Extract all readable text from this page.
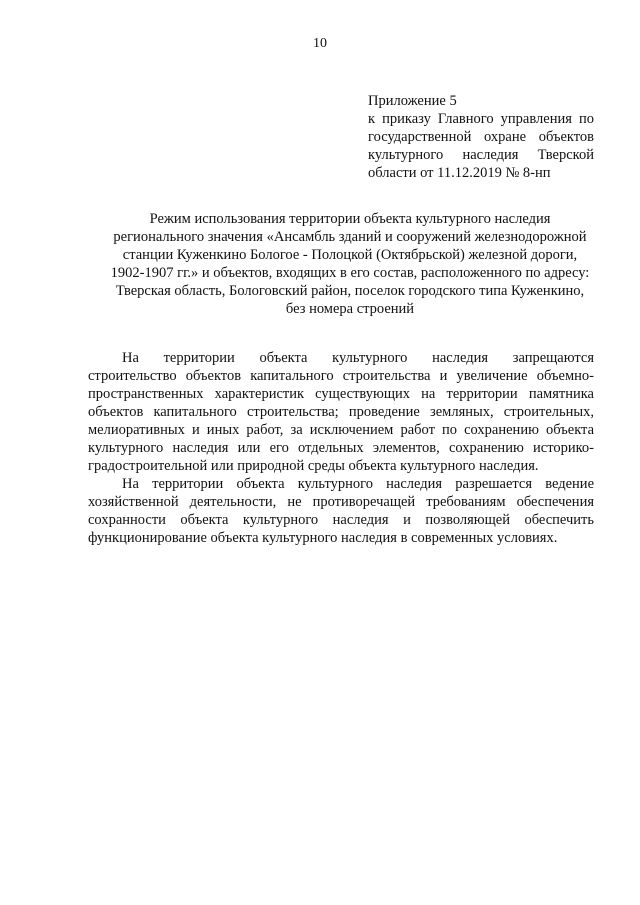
10
Приложение 5
к приказу Главного управления по
государственной охране объектов
культурного наследия Тверской
области от 11.12.2019 № 8-нп
Режим использования территории объекта культурного наследия
регионального значения «Ансамбль зданий и сооружений железнодорожной
станции Куженкино Бологое - Полоцкой (Октябрьской) железной дороги,
1902-1907 гг.» и объектов, входящих в его состав, расположенного по адресу:
Тверская область, Бологовский район, поселок городского типа Куженкино,
без номера строений
На территории объекта культурного наследия запрещаются
строительство объектов капитального строительства и увеличение объемно-
пространственных характеристик существующих на территории памятника
объектов капитального строительства; проведение земляных, строительных,
мелиоративных и иных работ, за исключением работ по сохранению объекта
культурного наследия или его отдельных элементов, сохранению историко-
градостроительной или природной среды объекта культурного наследия.
На территории объекта культурного наследия разрешается ведение
хозяйственной деятельности, не противоречащей требованиям обеспечения
сохранности объекта культурного наследия и позволяющей обеспечить
функционирование объекта культурного наследия в современных условиях.
